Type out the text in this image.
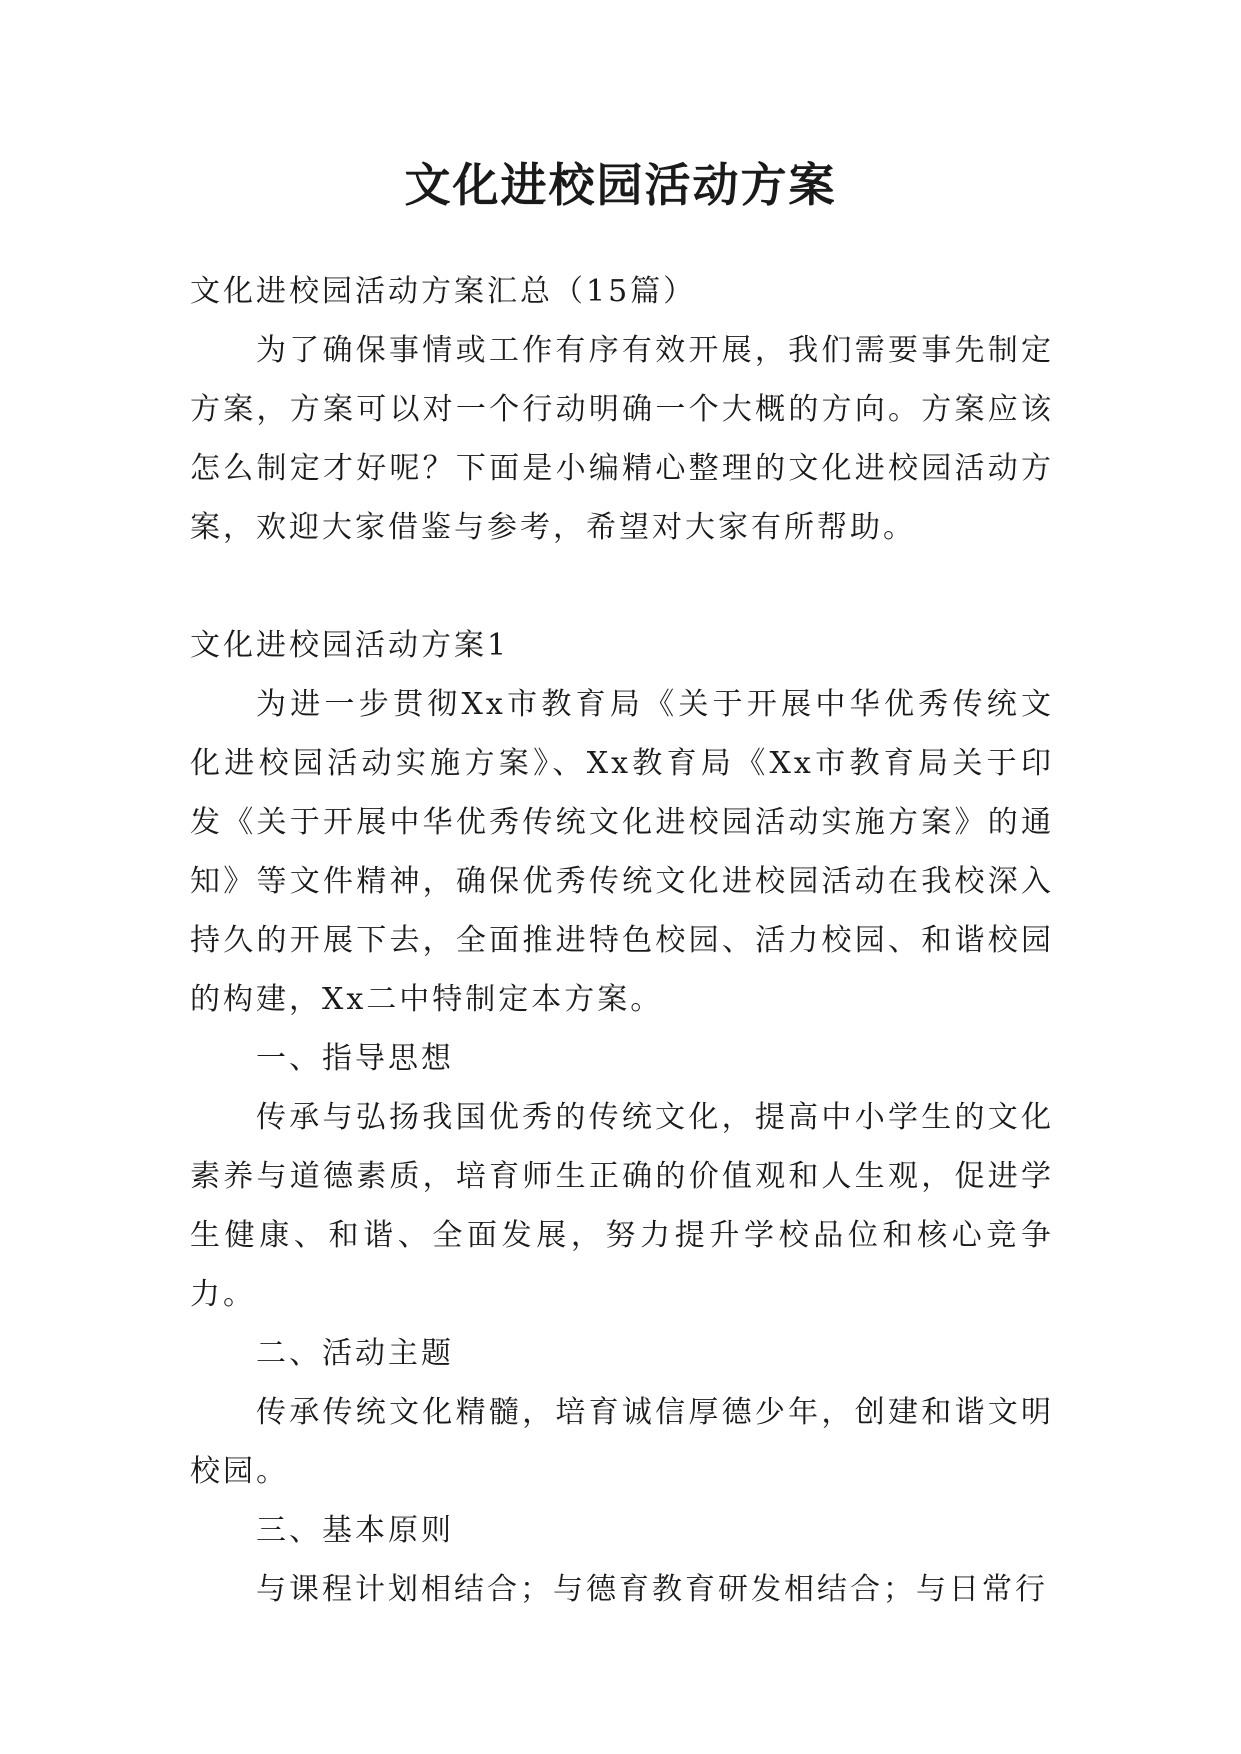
文化进校园活动方案

文化进校园活动方案汇总（15篇）

为了确保事情或工作有序有效开展，我们需要事先制定方案，方案可以对一个行动明确一个大概的方向。方案应该怎么制定才好呢？下面是小编精心整理的文化进校园活动方案，欢迎大家借鉴与参考，希望对大家有所帮助。

文化进校园活动方案1

为进一步贯彻Xx市教育局《关于开展中华优秀传统文化进校园活动实施方案》、Xx教育局《Xx市教育局关于印发《关于开展中华优秀传统文化进校园活动实施方案》的通知》等文件精神，确保优秀传统文化进校园活动在我校深入持久的开展下去，全面推进特色校园、活力校园、和谐校园的构建，Xx二中特制定本方案。

一、指导思想

传承与弘扬我国优秀的传统文化，提高中小学生的文化素养与道德素质，培育师生正确的价值观和人生观，促进学生健康、和谐、全面发展，努力提升学校品位和核心竞争力。

二、活动主题

传承传统文化精髓，培育诚信厚德少年，创建和谐文明校园。

三、基本原则

与课程计划相结合；与德育教育研发相结合；与日常行
